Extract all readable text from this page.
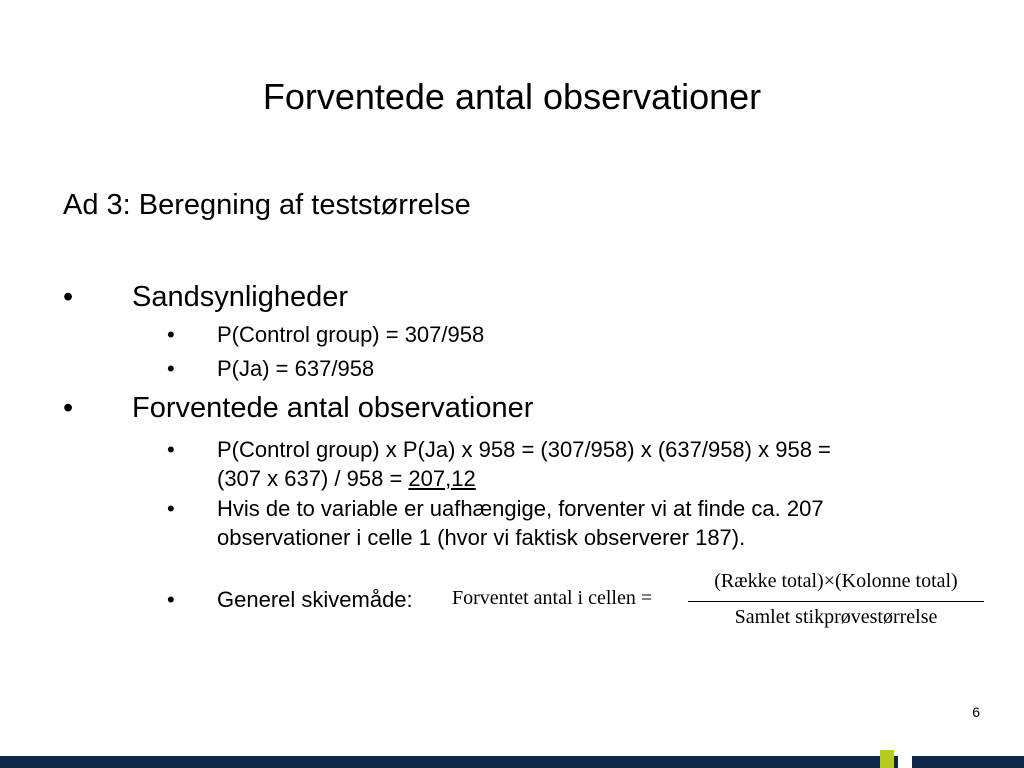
Forventede antal observationer
Ad 3: Beregning af teststørrelse
• Sandsynligheder
• P(Control group) = 307/958
• P(Ja) = 637/958
• Forventede antal observationer
• P(Control group) x P(Ja) x 958 = (307/958) x (637/958) x 958 =
(307 x 637) / 958 = 207,12
• Hvis de to variable er uafhængige, forventer vi at finde ca. 207
observationer i celle 1 (hvor vi faktisk observerer 187).
• Generel skivemåde: Forventet antal i cellen =
(Række total)×(Kolonne total)
Samlet stikprøvestørrelse
6
